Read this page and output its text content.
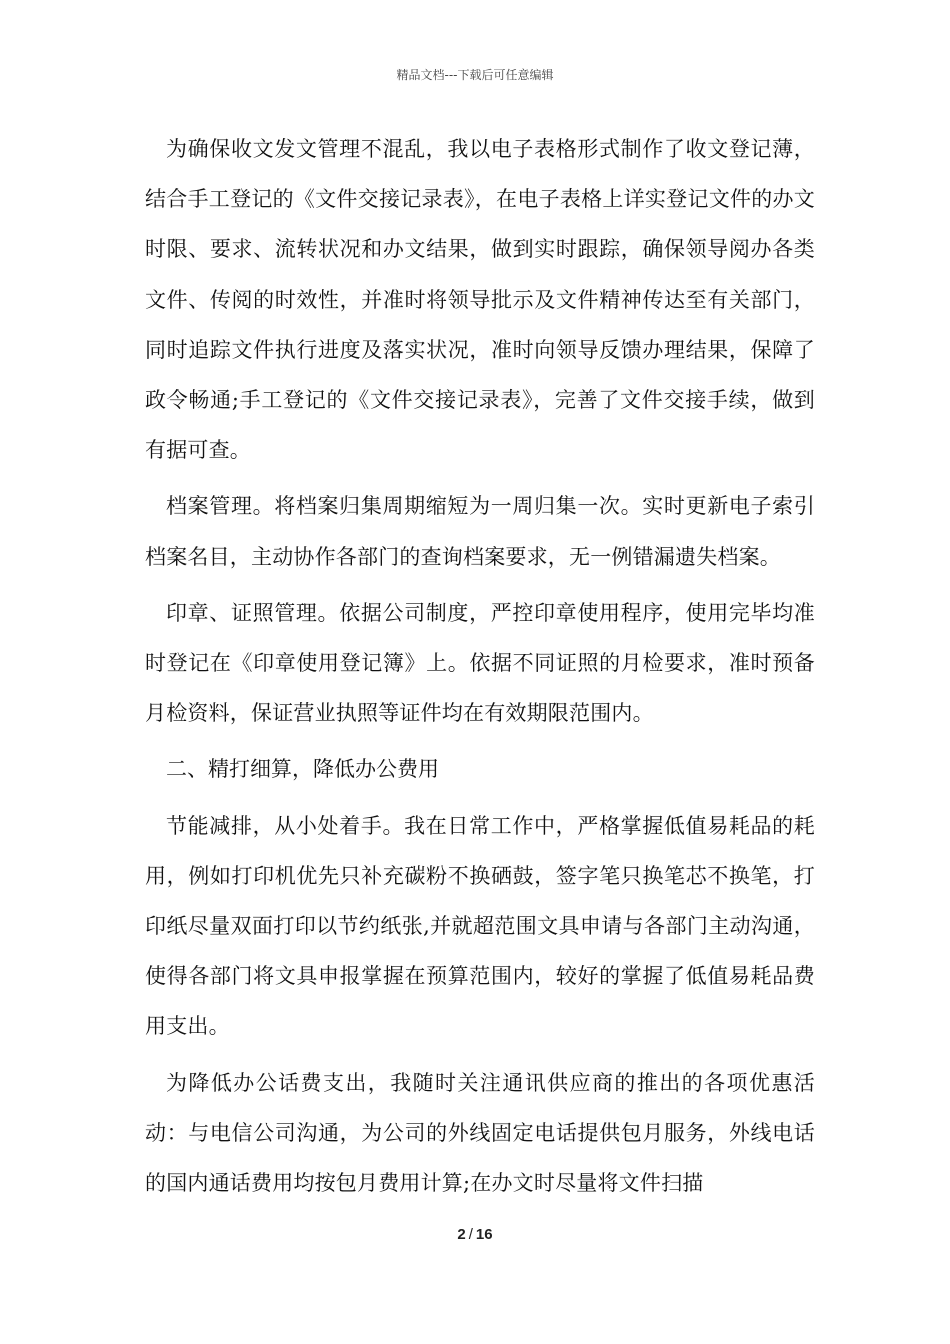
精品文档---下载后可任意编辑

为确保收文发文管理不混乱，我以电子表格形式制作了收文登记薄，结合手工登记的《文件交接记录表》，在电子表格上详实登记文件的办文时限、要求、流转状况和办文结果，做到实时跟踪，确保领导阅办各类文件、传阅的时效性，并准时将领导批示及文件精神传达至有关部门，同时追踪文件执行进度及落实状况，准时向领导反馈办理结果，保障了政令畅通;手工登记的《文件交接记录表》，完善了文件交接手续，做到有据可查。

档案管理。将档案归集周期缩短为一周归集一次。实时更新电子索引档案名目，主动协作各部门的查询档案要求，无一例错漏遗失档案。

印章、证照管理。依据公司制度，严控印章使用程序，使用完毕均准时登记在《印章使用登记簿》上。依据不同证照的月检要求，准时预备月检资料，保证营业执照等证件均在有效期限范围内。

二、精打细算，降低办公费用

节能减排，从小处着手。我在日常工作中，严格掌握低值易耗品的耗用，例如打印机优先只补充碳粉不换硒鼓，签字笔只换笔芯不换笔，打印纸尽量双面打印以节约纸张,并就超范围文具申请与各部门主动沟通，使得各部门将文具申报掌握在预算范围内，较好的掌握了低值易耗品费用支出。

为降低办公话费支出，我随时关注通讯供应商的推出的各项优惠活动：与电信公司沟通，为公司的外线固定电话提供包月服务，外线电话的国内通话费用均按包月费用计算;在办文时尽量将文件扫描

2 / 16
